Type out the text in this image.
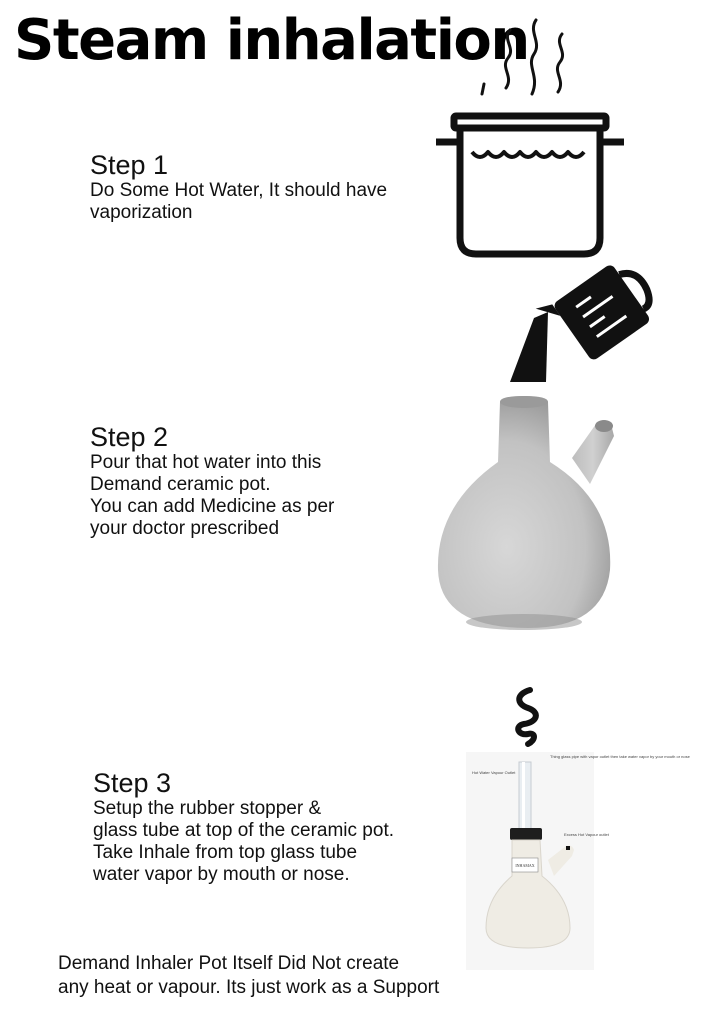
Steam inhalation
Step 1
Do Some Hot Water, It should have
vaporization
Step 2
Pour that hot water into this
Demand ceramic pot.
You can add Medicine as per
your doctor prescribed
INHAMAX
Thing glass pipe with vapor outlet then take water vapor by your mouth or nose
Hot Water Vapour Outlet
Excess Hot Vapour outlet
Step 3
Setup the rubber stopper &
glass tube at top of the ceramic pot.
Take Inhale from top glass tube
water vapor by mouth or nose.
Demand Inhaler Pot Itself Did Not create
any heat or vapour. Its just work as a Support
